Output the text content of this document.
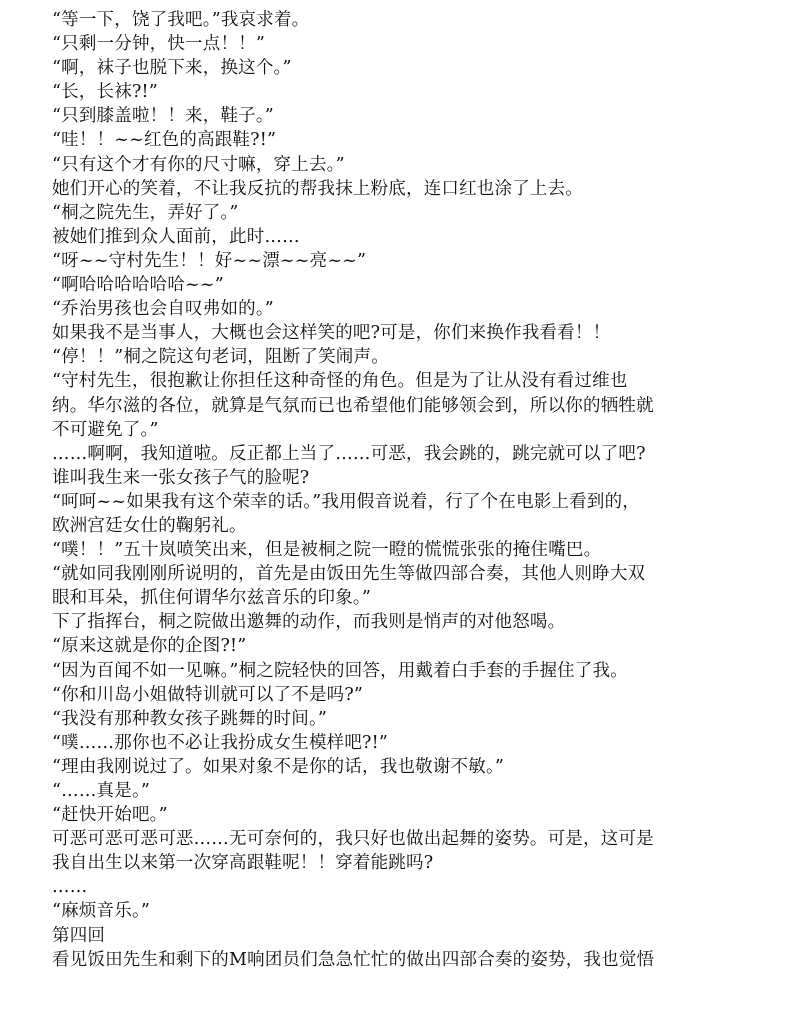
“等一下，饶了我吧。”我哀求着。
“只剩一分钟，快一点！！”
“啊，袜子也脱下来，换这个。”
“长，长袜?!”
“只到膝盖啦！！来，鞋子。”
“哇！！~~红色的高跟鞋?!”
“只有这个才有你的尺寸嘛，穿上去。”
她们开心的笑着，不让我反抗的帮我抹上粉底，连口红也涂了上去。
“桐之院先生，弄好了。”
被她们推到众人面前，此时……
“呀~~守村先生！！好~~漂~~亮~~”
“啊哈哈哈哈哈哈~~”
“乔治男孩也会自叹弗如的。”
如果我不是当事人，大概也会这样笑的吧?可是，你们来换作我看看！！
“停！！”桐之院这句老词，阻断了笑闹声。
“守村先生，很抱歉让你担任这种奇怪的角色。但是为了让从没有看过维也
纳。华尔滋的各位，就算是气氛而已也希望他们能够领会到，所以你的牺牲就
不可避免了。”
……啊啊，我知道啦。反正都上当了……可恶，我会跳的，跳完就可以了吧?
谁叫我生来一张女孩子气的脸呢?
“呵呵~~如果我有这个荣幸的话。”我用假音说着，行了个在电影上看到的，
欧洲宫廷女仕的鞠躬礼。
“噗！！”五十岚喷笑出来，但是被桐之院一瞪的慌慌张张的掩住嘴巴。
“就如同我刚刚所说明的，首先是由饭田先生等做四部合奏，其他人则睁大双
眼和耳朵，抓住何谓华尔兹音乐的印象。”
下了指挥台，桐之院做出邀舞的动作，而我则是悄声的对他怒喝。
“原来这就是你的企图?!”
“因为百闻不如一见嘛。”桐之院轻快的回答，用戴着白手套的手握住了我。
“你和川岛小姐做特训就可以了不是吗?”
“我没有那种教女孩子跳舞的时间。”
“噗……那你也不必让我扮成女生模样吧?!”
“理由我刚说过了。如果对象不是你的话，我也敬谢不敏。”
“……真是。”
“赶快开始吧。”
可恶可恶可恶可恶……无可奈何的，我只好也做出起舞的姿势。可是，这可是
我自出生以来第一次穿高跟鞋呢！！穿着能跳吗?
……
“麻烦音乐。”
第四回
看见饭田先生和剩下的M响团员们急急忙忙的做出四部合奏的姿势，我也觉悟
